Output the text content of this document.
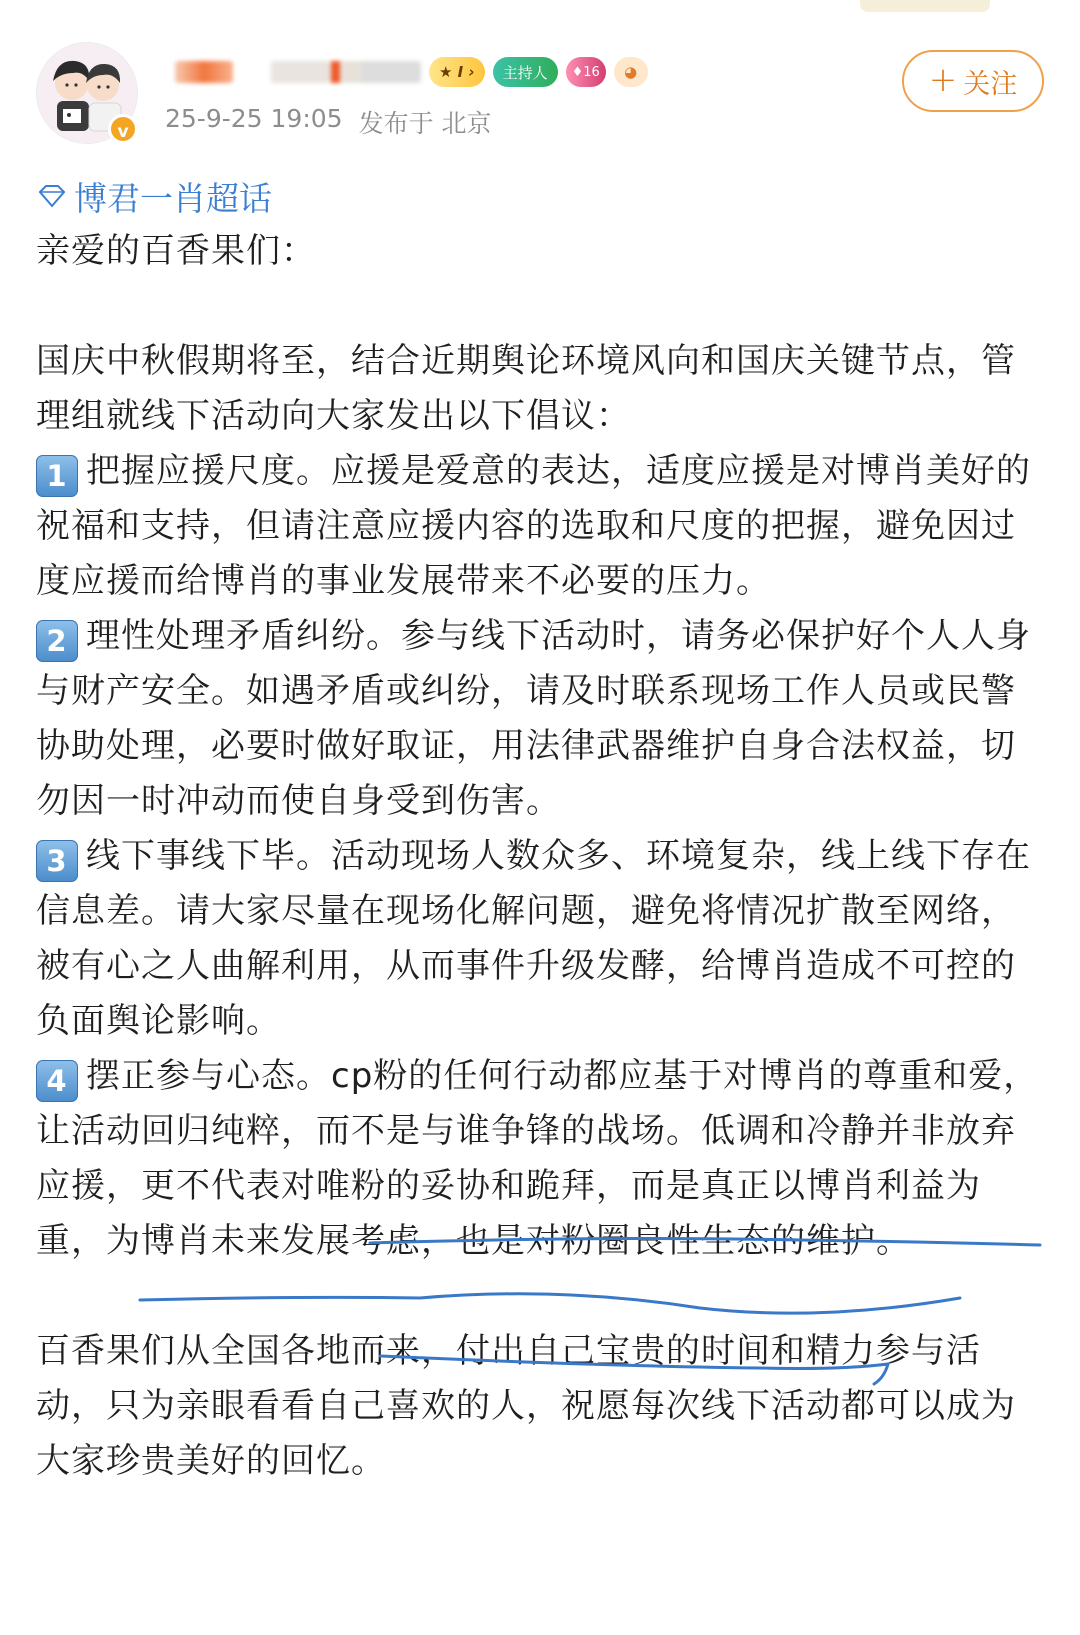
v
★ I ›	主持人	♦ 16	◕
25-9-25 19:05 发布于 北京
+ 关注
博君一肖超话

亲爱的百香果们：

国庆中秋假期将至，结合近期舆论环境风向和国庆关键节点，管理组就线下活动向大家发出以下倡议：

1 把握应援尺度。应援是爱意的表达，适度应援是对博肖美好的祝福和支持，但请注意应援内容的选取和尺度的把握，避免因过度应援而给博肖的事业发展带来不必要的压力。

2 理性处理矛盾纠纷。参与线下活动时，请务必保护好个人人身与财产安全。如遇矛盾或纠纷，请及时联系现场工作人员或民警协助处理，必要时做好取证，用法律武器维护自身合法权益，切勿因一时冲动而使自身受到伤害。

3 线下事线下毕。活动现场人数众多、环境复杂，线上线下存在信息差。请大家尽量在现场化解问题，避免将情况扩散至网络，被有心之人曲解利用，从而事件升级发酵，给博肖造成不可控的负面舆论影响。

4 摆正参与心态。cp粉的任何行动都应基于对博肖的尊重和爱，让活动回归纯粹，而不是与谁争锋的战场。低调和冷静并非放弃应援，更不代表对唯粉的妥协和跪拜，而是真正以博肖利益为重，为博肖未来发展考虑，也是对粉圈良性生态的维护。

百香果们从全国各地而来，付出自己宝贵的时间和精力参与活动，只为亲眼看看自己喜欢的人，祝愿每次线下活动都可以成为大家珍贵美好的回忆。
